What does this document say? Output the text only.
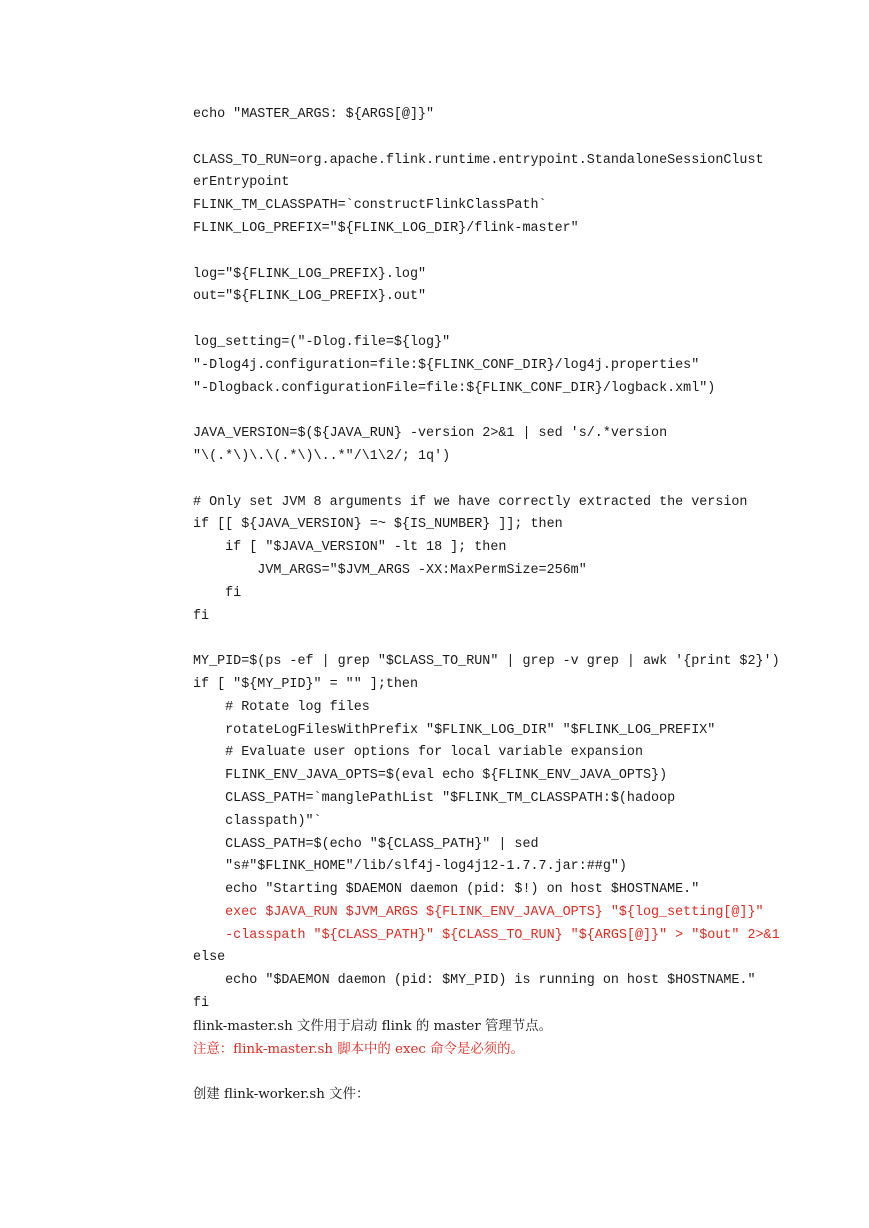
echo "MASTER_ARGS: ${ARGS[@]}"
CLASS_TO_RUN=org.apache.flink.runtime.entrypoint.StandaloneSessionClust
erEntrypoint
FLINK_TM_CLASSPATH=`constructFlinkClassPath`
FLINK_LOG_PREFIX="${FLINK_LOG_DIR}/flink-master"
log="${FLINK_LOG_PREFIX}.log"
out="${FLINK_LOG_PREFIX}.out"
log_setting=("-Dlog.file=${log}"
"-Dlog4j.configuration=file:${FLINK_CONF_DIR}/log4j.properties"
"-Dlogback.configurationFile=file:${FLINK_CONF_DIR}/logback.xml")
JAVA_VERSION=$(${JAVA_RUN} -version 2>&1 | sed 's/.*version
"\(.*\)\.\(.*\)\..*"/\1\2/; 1q')
# Only set JVM 8 arguments if we have correctly extracted the version
if [[ ${JAVA_VERSION} =~ ${IS_NUMBER} ]]; then
if [ "$JAVA_VERSION" -lt 18 ]; then
JVM_ARGS="$JVM_ARGS -XX:MaxPermSize=256m"
fi
fi
MY_PID=$(ps -ef | grep "$CLASS_TO_RUN" | grep -v grep | awk '{print $2}')
if [ "${MY_PID}" = "" ];then
# Rotate log files
rotateLogFilesWithPrefix "$FLINK_LOG_DIR" "$FLINK_LOG_PREFIX"
# Evaluate user options for local variable expansion
FLINK_ENV_JAVA_OPTS=$(eval echo ${FLINK_ENV_JAVA_OPTS})
CLASS_PATH=`manglePathList "$FLINK_TM_CLASSPATH:$(hadoop
classpath)"`
CLASS_PATH=$(echo "${CLASS_PATH}" | sed
"s#"$FLINK_HOME"/lib/slf4j-log4j12-1.7.7.jar:##g")
echo "Starting $DAEMON daemon (pid: $!) on host $HOSTNAME."
exec $JAVA_RUN $JVM_ARGS ${FLINK_ENV_JAVA_OPTS} "${log_setting[@]}"
-classpath "${CLASS_PATH}" ${CLASS_TO_RUN} "${ARGS[@]}" > "$out" 2>&1
else
echo "$DAEMON daemon (pid: $MY_PID) is running on host $HOSTNAME."
fi
flink-master.sh 文件用于启动 flink 的 master 管理节点。
注意：flink-master.sh 脚本中的 exec 命令是必须的。
创建 flink-worker.sh 文件：
